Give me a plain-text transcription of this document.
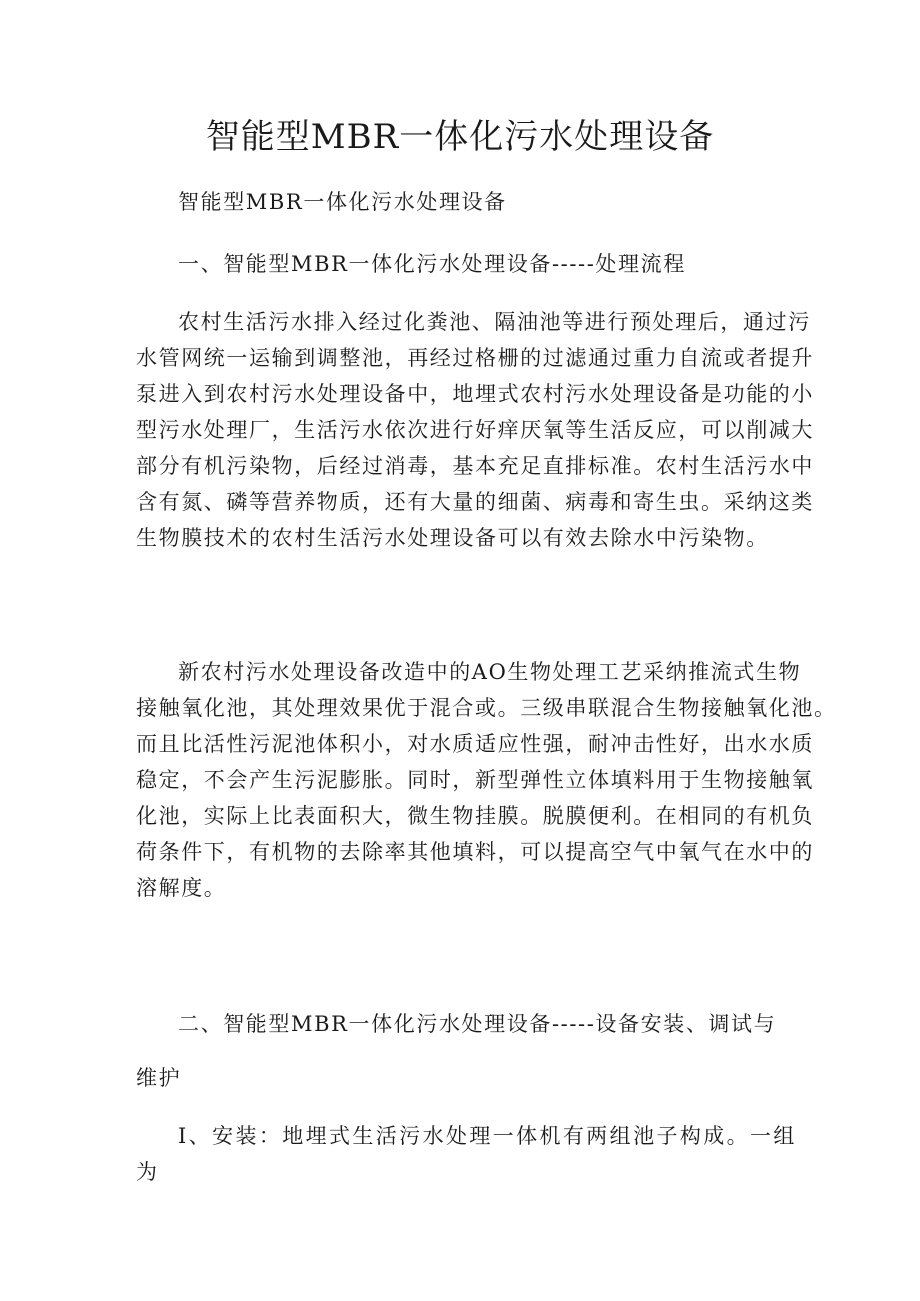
智能型MBR一体化污水处理设备

智能型MBR一体化污水处理设备

一、智能型MBR一体化污水处理设备-----处理流程

农村生活污水排入经过化粪池、隔油池等进行预处理后，通过污
水管网统一运输到调整池，再经过格栅的过滤通过重力自流或者提升
泵进入到农村污水处理设备中，地埋式农村污水处理设备是功能的小
型污水处理厂，生活污水依次进行好痒厌氧等生活反应，可以削减大
部分有机污染物，后经过消毒，基本充足直排标准。农村生活污水中
含有氮、磷等营养物质，还有大量的细菌、病毒和寄生虫。采纳这类
生物膜技术的农村生活污水处理设备可以有效去除水中污染物。
新农村污水处理设备改造中的AO生物处理工艺采纳推流式生物
接触氧化池，其处理效果优于混合或。三级串联混合生物接触氧化池。
而且比活性污泥池体积小，对水质适应性强，耐冲击性好，出水水质
稳定，不会产生污泥膨胀。同时，新型弹性立体填料用于生物接触氧
化池，实际上比表面积大，微生物挂膜。脱膜便利。在相同的有机负
荷条件下，有机物的去除率其他填料，可以提高空气中氧气在水中的
溶解度。

二、智能型MBR一体化污水处理设备-----设备安装、调试与

维护

I、安装：地埋式生活污水处理一体机有两组池子构成。一组为
